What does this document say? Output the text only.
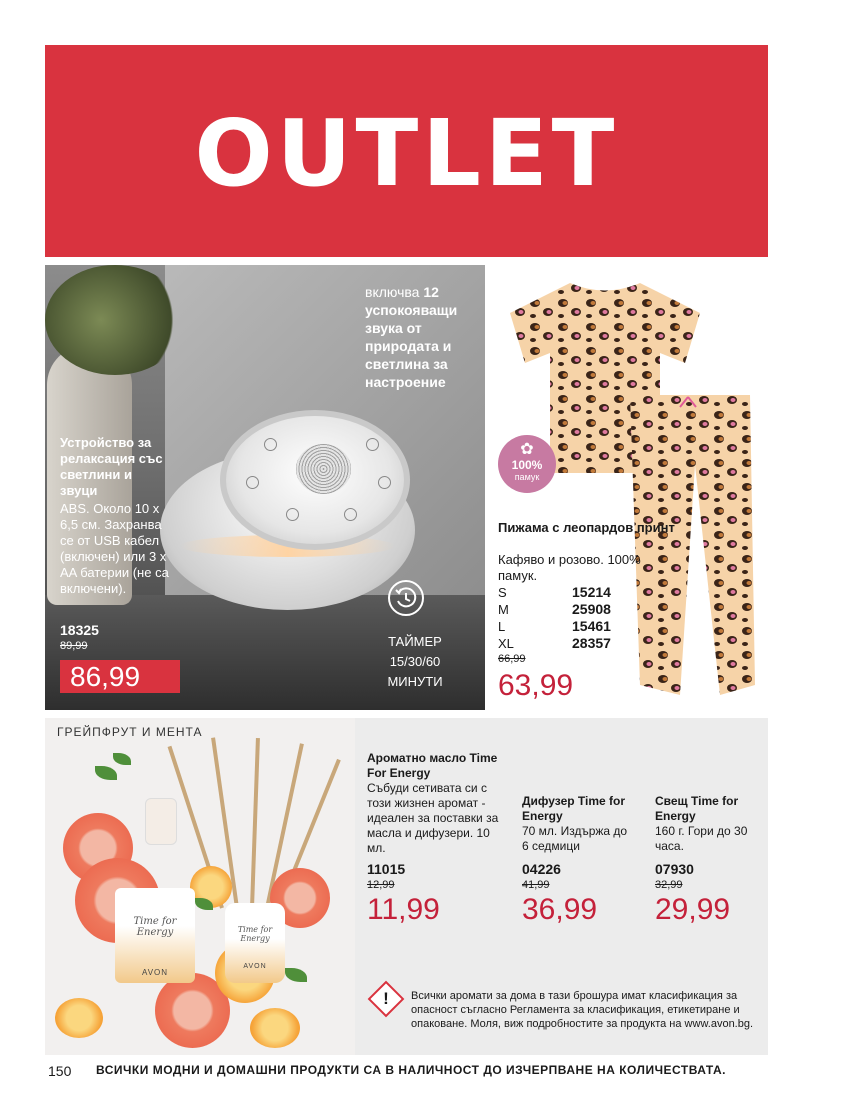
OUTLET
Устройство за релаксация със светлини и звуци
ABS. Около 10 x 6,5 см. Захранва се от USB кабел (включен) или 3 x AA батерии (не са включени).
18325
89,99
86,99
включва 12 успокояващи звука от природата и светлина за настроение
ТАЙМЕР 15/30/60 МИНУТИ
✿
100%
памук
Пижама с леопардов принт
Кафяво и розово. 100% памук.
S	15214
M	25908
L	15461
XL	28357
66,99
63,99
ГРЕЙПФРУТ И МЕНТА
Time for Energy
AVON
Time for Energy
AVON
Ароматно масло Time For Energy
Събуди сетивата си с този жизнен аромат - идеален за поставки за масла и дифузери. 10 мл.
11015
12,99
11,99
Дифузер Time for Energy
70 мл. Издържа до 6 седмици
04226
41,99
36,99
Свещ Time for Energy
160 г. Гори до 30 часа.
07930
32,99
29,99
!	Всички аромати за дома в тази брошура имат класификация за опасност съгласно Регламента за класификация, етикетиране и опаковане. Моля, виж подробностите за продукта на www.avon.bg.
150 ВСИЧКИ МОДНИ И ДОМАШНИ ПРОДУКТИ СА В НАЛИЧНОСТ ДО ИЗЧЕРПВАНЕ НА КОЛИЧЕСТВАТА.
